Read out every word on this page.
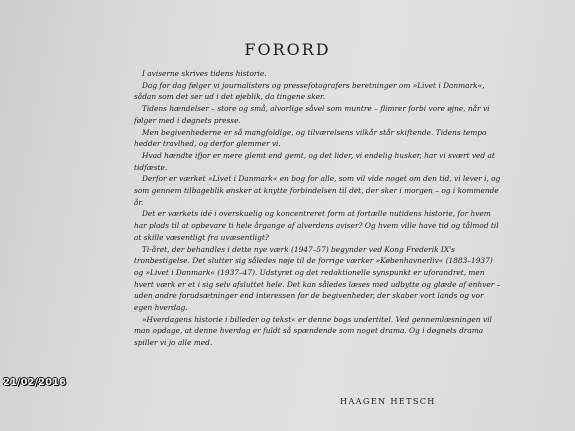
FORORD

I aviserne skrives tidens historie.

Dag for dag følger vi journalisters og pressefotografers beretninger om »Livet i Danmark«, sådan som det ser ud i det øjeblik, da tingene sker.

Tidens hændelser – store og små, alvorlige såvel som muntre – flimrer forbi vore øjne, når vi følger med i døgnets presse.

Men begivenhederne er så mangfoldige, og tilværelsens vilkår står skiftende. Tidens tempo hedder travlhed, og derfor glemmer vi.

Hvad hændte ifjor er mere glemt end gemt, og det lider, vi endelig husker, har vi svært ved at tidfæste.

Derfor er værket »Livet i Danmark« en bog for alle, som vil vide noget om den tid, vi lever i, og som gennem tilbageblik ønsker at knytte forbindelsen til det, der sker i morgen – og i kommende år.

Det er værkets idé i overskuelig og koncentreret form at fortælle nutidens historie, for hvem har plads til at opbevare ti hele årgange af alverdens aviser? Og hvem ville have tid og tålmod til at skille væsentligt fra uvæsentligt?

Ti-året, der behandles i dette nye værk (1947–57) begynder ved Kong Frederik IX's tronbestigelse. Det slutter sig således nøje til de forrige værker »Københavnerliv« (1883–1937) og »Livet i Danmark« (1937–47). Udstyret og det redaktionelle synspunkt er uforandret, men hvert værk er et i sig selv afsluttet hele. Det kan således læses med udbytte og glæde af enhver – uden andre forudsætninger end interessen for de begivenheder, der skaber vort lands og vor egen hverdag.

»Hverdagens historie i billeder og tekst« er denne bogs undertitel. Ved gennemlæsningen vil man opdage, at denne hverdag er fuldt så spændende som noget drama. Og i døgnets drama spiller vi jo alle med.

HAAGEN HETSCH
21/02/2016
